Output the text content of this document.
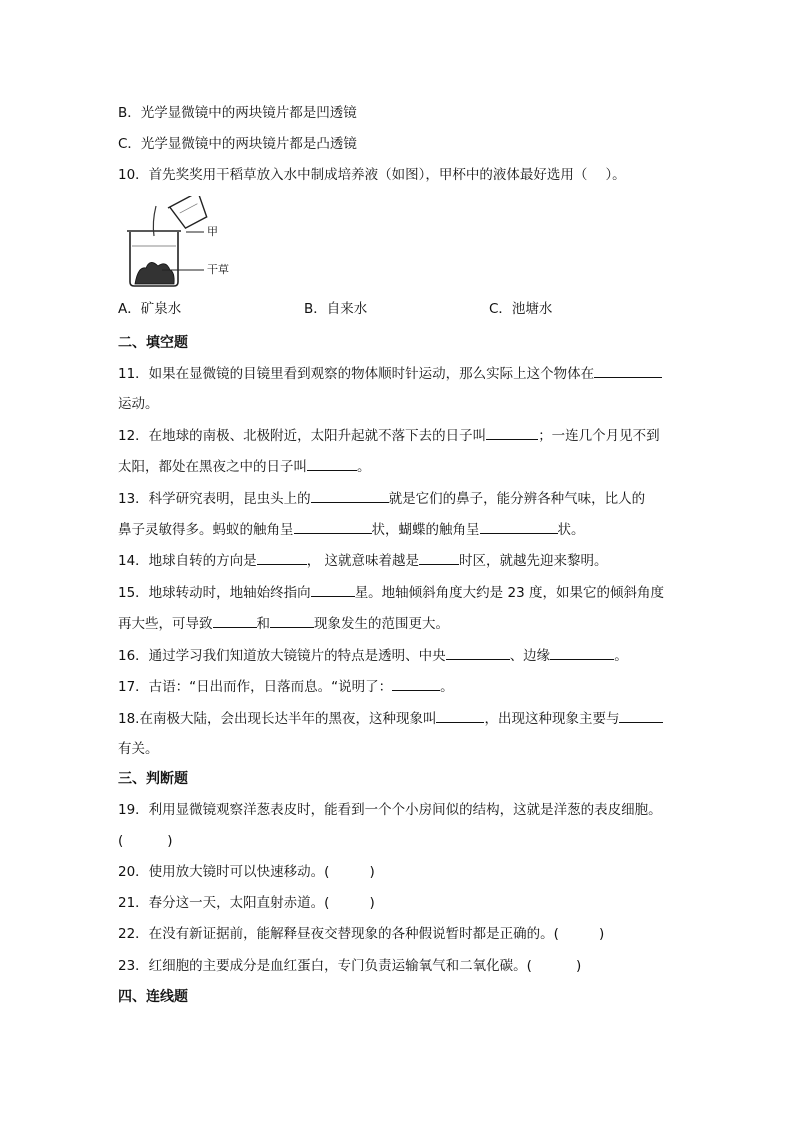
B．光学显微镜中的两块镜片都是凹透镜
C．光学显微镜中的两块镜片都是凸透镜
10．首先奖奖用干稻草放入水中制成培养液（如图），甲杯中的液体最好选用（ ）。
甲
干草
A．矿泉水	B．自来水	C．池塘水
二、填空题
11．如果在显微镜的目镜里看到观察的物体顺时针运动，那么实际上这个物体在
运动。
12．在地球的南极、北极附近，太阳升起就不落下去的日子叫	；一连几个月见不到
太阳，都处在黑夜之中的日子叫	。
13．科学研究表明，昆虫头上的	就是它们的鼻子，能分辨各种气味，比人的
鼻子灵敏得多。蚂蚁的触角呈	状，蝴蝶的触角呈	状。
14．地球自转的方向是	， 这就意味着越是	时区，就越先迎来黎明。
15．地球转动时，地轴始终指向	星。地轴倾斜角度大约是 23 度，如果它的倾斜角度
再大些，可导致	和	现象发生的范围更大。
16．通过学习我们知道放大镜镜片的特点是透明、中央	、边缘	。
17．古语：“日出而作，日落而息。“说明了：	。
18.在南极大陆，会出现长达半年的黑夜，这种现象叫	，出现这种现象主要与
有关。
三、判断题
19．利用显微镜观察洋葱表皮时，能看到一个个小房间似的结构，这就是洋葱的表皮细胞。
(	)
20．使用放大镜时可以快速移动。(	)
21．春分这一天，太阳直射赤道。(	)
22．在没有新证据前，能解释昼夜交替现象的各种假说暂时都是正确的。(	)
23．红细胞的主要成分是血红蛋白，专门负责运输氧气和二氧化碳。(	)
四、连线题
